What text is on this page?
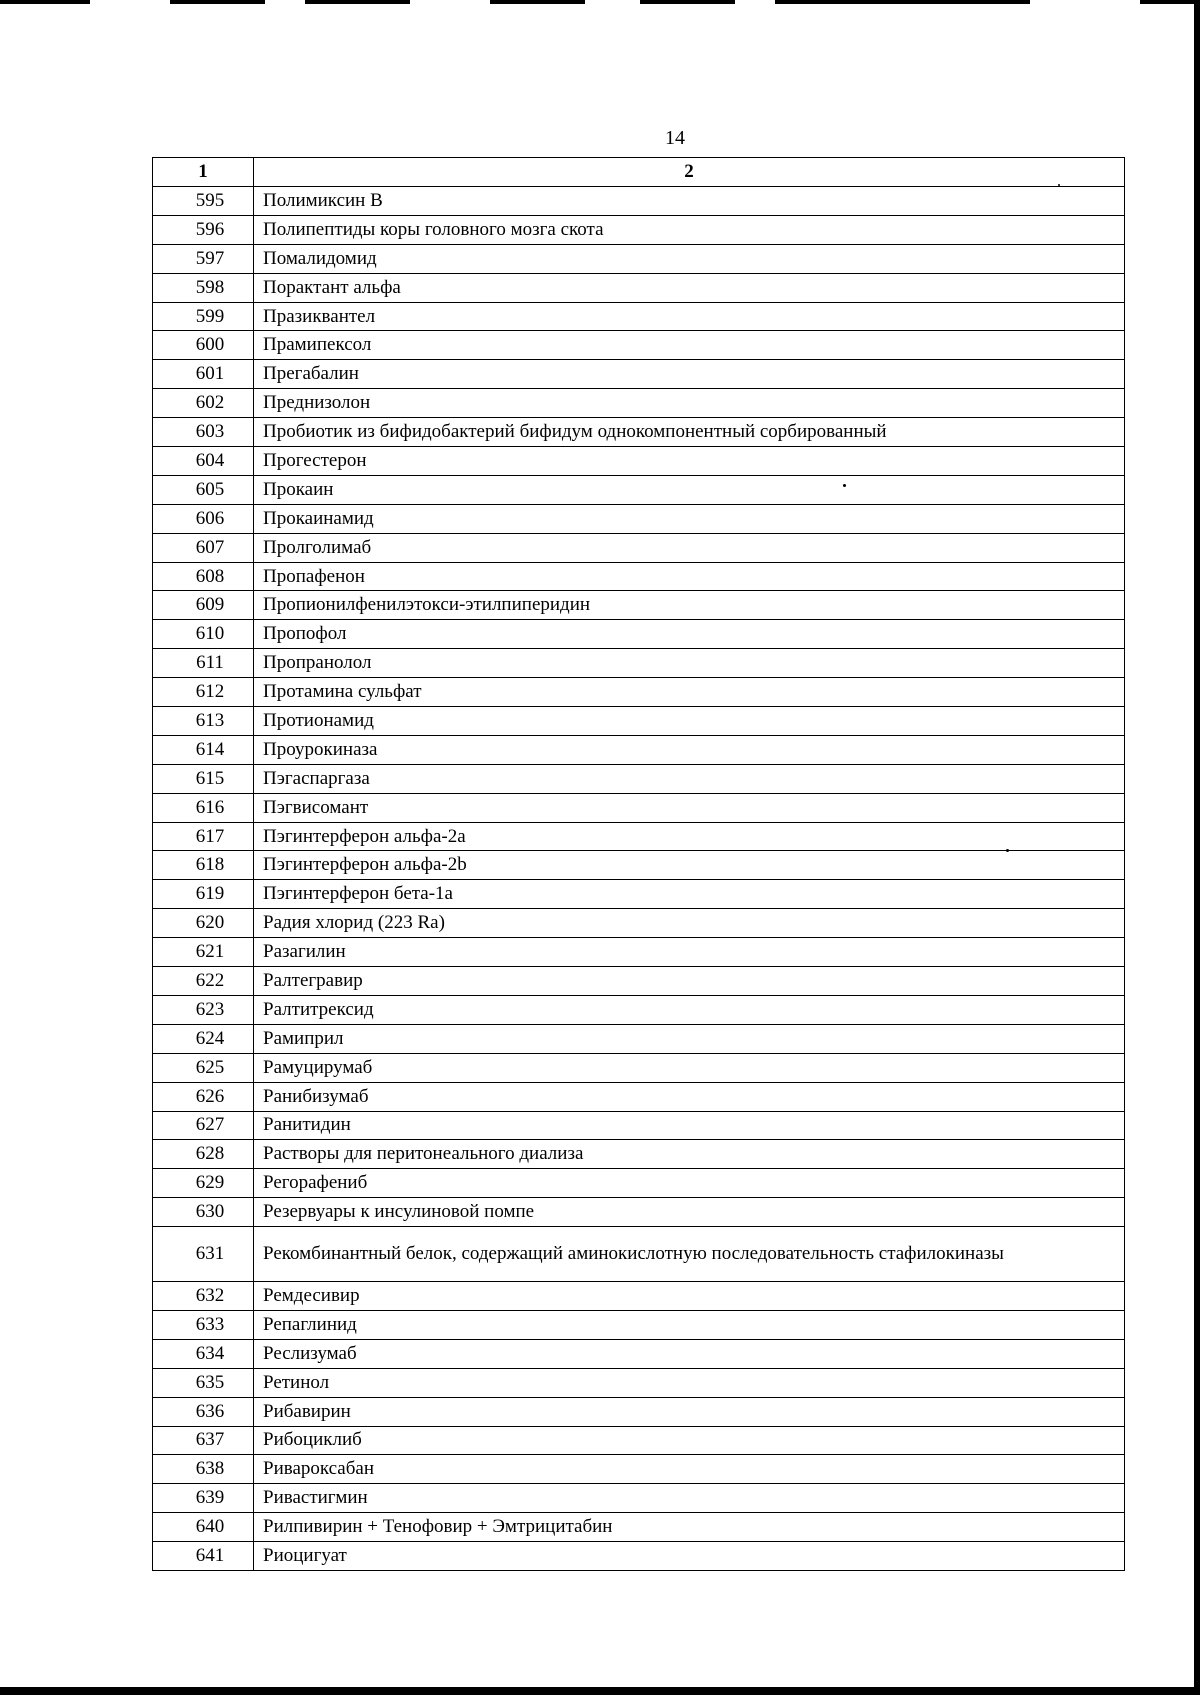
14
1	2
595	Полимиксин В
596	Полипептиды коры головного мозга скота
597	Помалидомид
598	Порактант альфа
599	Празиквантел
600	Прамипексол
601	Прегабалин
602	Преднизолон
603	Пробиотик из бифидобактерий бифидум однокомпонентный сорбированный
604	Прогестерон
605	Прокаин
606	Прокаинамид
607	Пролголимаб
608	Пропафенон
609	Пропионилфенилэтокси-этилпиперидин
610	Пропофол
611	Пропранолол
612	Протамина сульфат
613	Протионамид
614	Проурокиназа
615	Пэгаспаргаза
616	Пэгвисомант
617	Пэгинтерферон альфа-2а
618	Пэгинтерферон альфа-2b
619	Пэгинтерферон бета-1а
620	Радия хлорид (223 Ra)
621	Разагилин
622	Ралтегравир
623	Ралтитрексид
624	Рамиприл
625	Рамуцирумаб
626	Ранибизумаб
627	Ранитидин
628	Растворы для перитонеального диализа
629	Регорафениб
630	Резервуары к инсулиновой помпе
631	Рекомбинантный белок, содержащий аминокислотную последовательность стафилокиназы
632	Ремдесивир
633	Репаглинид
634	Реслизумаб
635	Ретинол
636	Рибавирин
637	Рибоциклиб
638	Ривароксабан
639	Ривастигмин
640	Рилпивирин + Тенофовир + Эмтрицитабин
641	Риоцигуат
